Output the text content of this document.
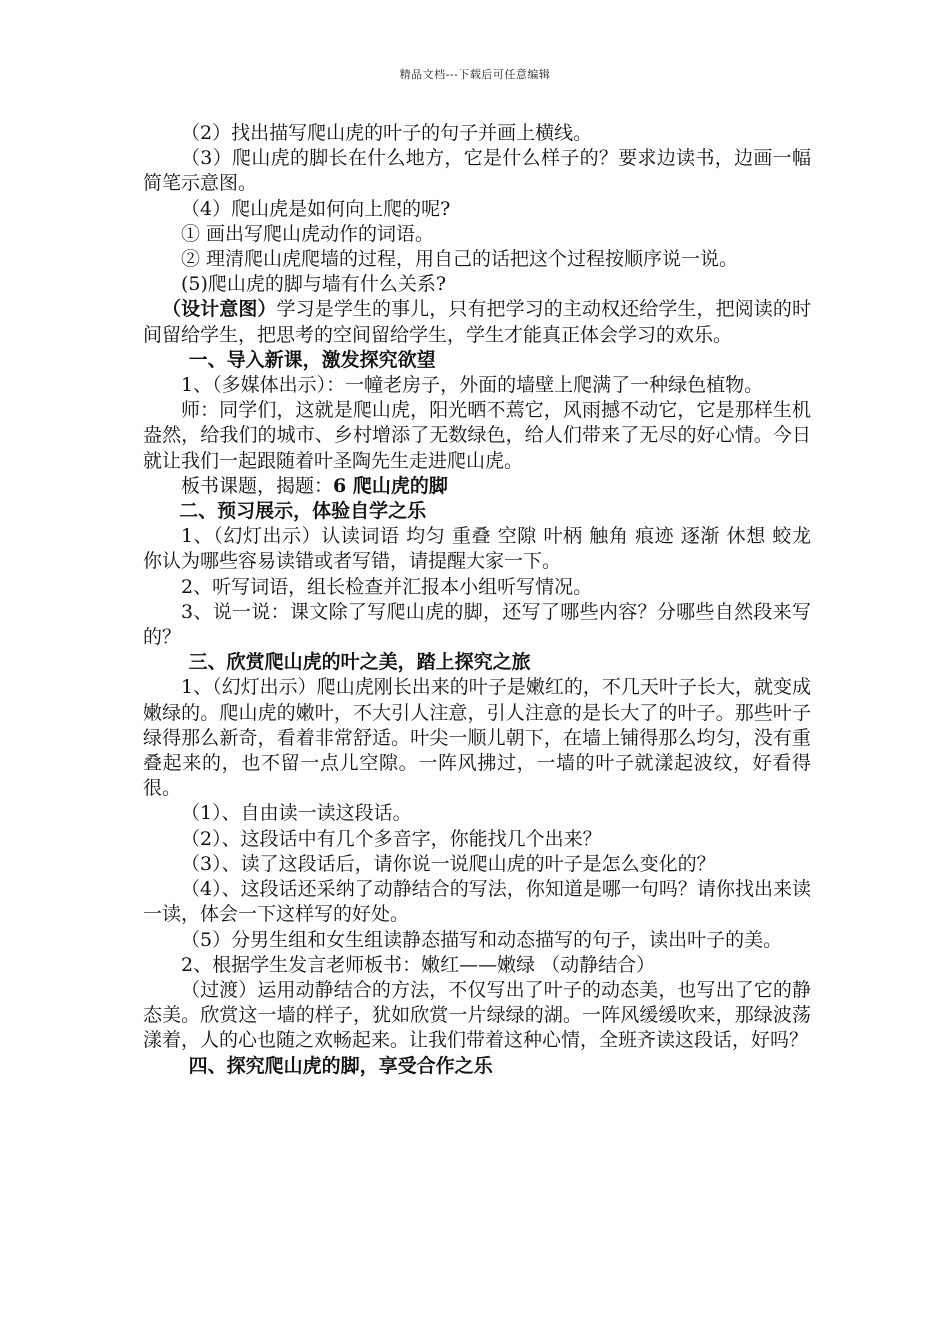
精品文档---下载后可任意编辑

（2）找出描写爬山虎的叶子的句子并画上横线。

（3）爬山虎的脚长在什么地方，它是什么样子的？要求边读书，边画一幅简笔示意图。

（4）爬山虎是如何向上爬的呢?

① 画出写爬山虎动作的词语。

② 理清爬山虎爬墙的过程，用自己的话把这个过程按顺序说一说。

(5)爬山虎的脚与墙有什么关系?

（设计意图）学习是学生的事儿，只有把学习的主动权还给学生，把阅读的时间留给学生，把思考的空间留给学生，学生才能真正体会学习的欢乐。

一、导入新课，激发探究欲望

1、（多媒体出示）：一幢老房子，外面的墙壁上爬满了一种绿色植物。

师：同学们，这就是爬山虎，阳光晒不蔫它，风雨撼不动它，它是那样生机盎然，给我们的城市、乡村增添了无数绿色，给人们带来了无尽的好心情。今日就让我们一起跟随着叶圣陶先生走进爬山虎。

板书课题，揭题：6 爬山虎的脚

二、预习展示，体验自学之乐

1、（幻灯出示）认读词语 均匀 重叠 空隙 叶柄 触角 痕迹 逐渐 休想 蛟龙 你认为哪些容易读错或者写错，请提醒大家一下。

2、听写词语，组长检查并汇报本小组听写情况。

3、说一说：课文除了写爬山虎的脚，还写了哪些内容？分哪些自然段来写的？

三、欣赏爬山虎的叶之美，踏上探究之旅

1、（幻灯出示）爬山虎刚长出来的叶子是嫩红的，不几天叶子长大，就变成嫩绿的。爬山虎的嫩叶，不大引人注意，引人注意的是长大了的叶子。那些叶子绿得那么新奇，看着非常舒适。叶尖一顺儿朝下，在墙上铺得那么均匀，没有重叠起来的，也不留一点儿空隙。一阵风拂过，一墙的叶子就漾起波纹，好看得很。

（1）、自由读一读这段话。

（2）、这段话中有几个多音字，你能找几个出来？

（3）、读了这段话后，请你说一说爬山虎的叶子是怎么变化的？

（4）、这段话还采纳了动静结合的写法，你知道是哪一句吗？请你找出来读一读，体会一下这样写的好处。

（5）分男生组和女生组读静态描写和动态描写的句子，读出叶子的美。

2、根据学生发言老师板书：嫩红——嫩绿 （动静结合）

（过渡）运用动静结合的方法，不仅写出了叶子的动态美，也写出了它的静态美。欣赏这一墙的样子，犹如欣赏一片绿绿的湖。一阵风缓缓吹来，那绿波荡漾着，人的心也随之欢畅起来。让我们带着这种心情，全班齐读这段话，好吗？

四、探究爬山虎的脚，享受合作之乐
